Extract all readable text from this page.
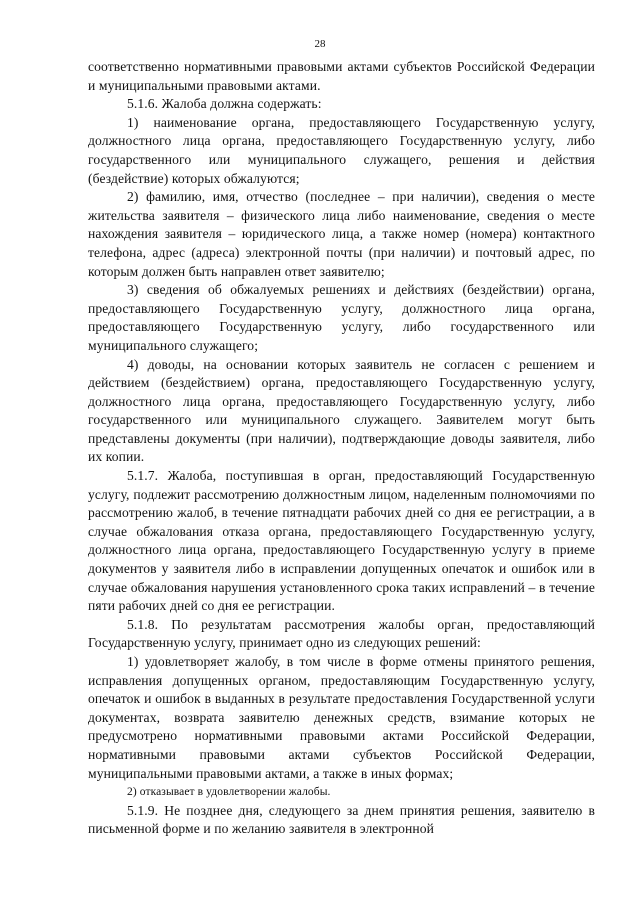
28

соответственно нормативными правовыми актами субъектов Российской Федерации и муниципальными правовыми актами.

5.1.6. Жалоба должна содержать:

1) наименование органа, предоставляющего Государственную услугу, должностного лица органа, предоставляющего Государственную услугу, либо государственного или муниципального служащего, решения и действия (бездействие) которых обжалуются;

2) фамилию, имя, отчество (последнее – при наличии), сведения о месте жительства заявителя – физического лица либо наименование, сведения о месте нахождения заявителя – юридического лица, а также номер (номера) контактного телефона, адрес (адреса) электронной почты (при наличии) и почтовый адрес, по которым должен быть направлен ответ заявителю;

3) сведения об обжалуемых решениях и действиях (бездействии) органа, предоставляющего Государственную услугу, должностного лица органа, предоставляющего Государственную услугу, либо государственного или муниципального служащего;

4) доводы, на основании которых заявитель не согласен с решением и действием (бездействием) органа, предоставляющего Государственную услугу, должностного лица органа, предоставляющего Государственную услугу, либо государственного или муниципального служащего. Заявителем могут быть представлены документы (при наличии), подтверждающие доводы заявителя, либо их копии.

5.1.7. Жалоба, поступившая в орган, предоставляющий Государственную услугу, подлежит рассмотрению должностным лицом, наделенным полномочиями по рассмотрению жалоб, в течение пятнадцати рабочих дней со дня ее регистрации, а в случае обжалования отказа органа, предоставляющего Государственную услугу, должностного лица органа, предоставляющего Государственную услугу в приеме документов у заявителя либо в исправлении допущенных опечаток и ошибок или в случае обжалования нарушения установленного срока таких исправлений – в течение пяти рабочих дней со дня ее регистрации.

5.1.8. По результатам рассмотрения жалобы орган, предоставляющий Государственную услугу, принимает одно из следующих решений:

1) удовлетворяет жалобу, в том числе в форме отмены принятого решения, исправления допущенных органом, предоставляющим Государственную услугу, опечаток и ошибок в выданных в результате предоставления Государственной услуги документах, возврата заявителю денежных средств, взимание которых не предусмотрено нормативными правовыми актами Российской Федерации, нормативными правовыми актами субъектов Российской Федерации, муниципальными правовыми актами, а также в иных формах;

2) отказывает в удовлетворении жалобы.

5.1.9. Не позднее дня, следующего за днем принятия решения, заявителю в письменной форме и по желанию заявителя в электронной
